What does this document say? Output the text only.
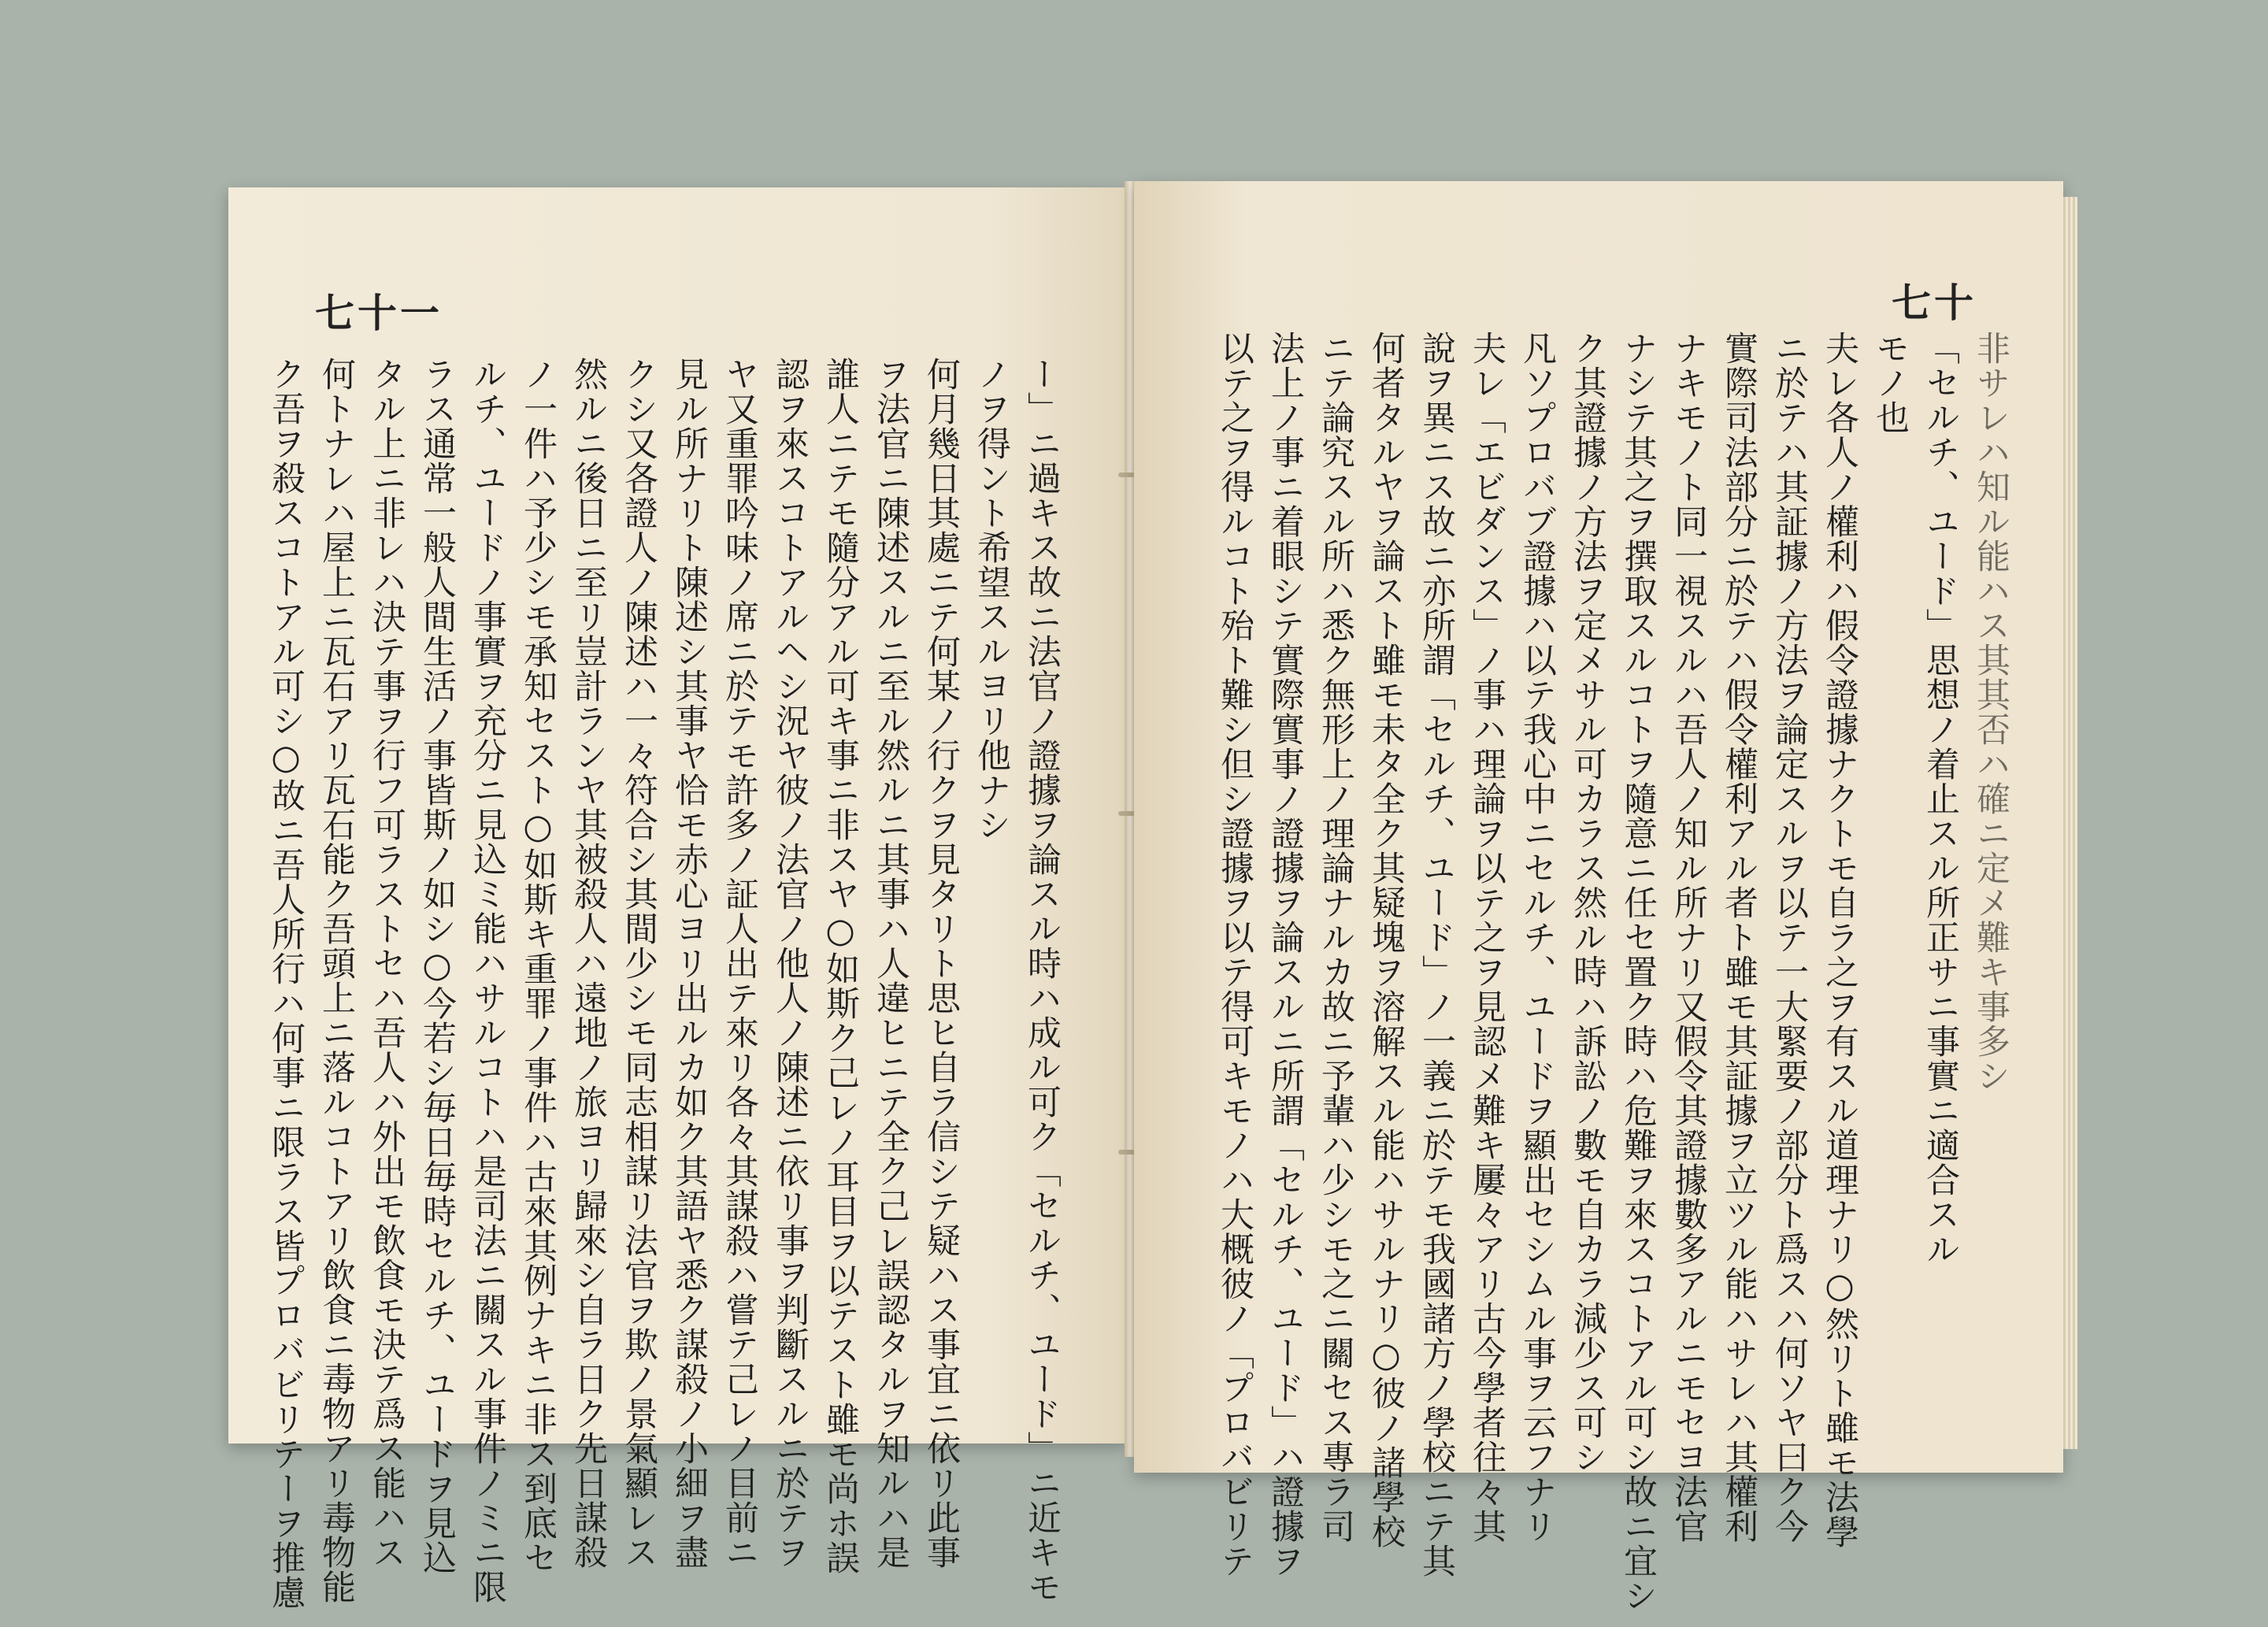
七十一
ー」ニ過キス故ニ法官ノ證據ヲ論スル時ハ成ル可ク「セルチ、ユード」ニ近キモ
ノヲ得ント希望スルヨリ他ナシ
何月幾日其處ニテ何某ノ行クヲ見タリト思ヒ自ラ信シテ疑ハス事宜ニ依リ此事
ヲ法官ニ陳述スルニ至ル然ルニ其事ハ人違ヒニテ全ク己レ誤認タルヲ知ルハ是
誰人ニテモ隨分アル可キ事ニ非スヤ○如斯ク己レノ耳目ヲ以テスト雖モ尚ホ誤
認ヲ來スコトアルヘシ況ヤ彼ノ法官ノ他人ノ陳述ニ依リ事ヲ判斷スルニ於テヲ
ヤ又重罪吟味ノ席ニ於テモ許多ノ証人出テ來リ各々其謀殺ハ嘗テ己レノ目前ニ
見ル所ナリト陳述シ其事ヤ恰モ赤心ヨリ出ルカ如ク其語ヤ悉ク謀殺ノ小細ヲ盡
クシ又各證人ノ陳述ハ一々符合シ其間少シモ同志相謀リ法官ヲ欺ノ景氣顯レス
然ルニ後日ニ至リ豈計ランヤ其被殺人ハ遠地ノ旅ヨリ歸來シ自ラ日ク先日謀殺
ノ一件ハ予少シモ承知セスト○如斯キ重罪ノ事件ハ古來其例ナキニ非ス到底セ
ルチ、ユードノ事實ヲ充分ニ見込ミ能ハサルコトハ是司法ニ關スル事件ノミニ限
ラス通常一般人間生活ノ事皆斯ノ如シ○今若シ毎日毎時セルチ、ユードヲ見込
タル上ニ非レハ決テ事ヲ行フ可ラストセハ吾人ハ外出モ飲食モ決テ爲ス能ハス
何トナレハ屋上ニ瓦石アリ瓦石能ク吾頭上ニ落ルコトアリ飲食ニ毒物アリ毒物能
ク吾ヲ殺スコトアル可シ○故ニ吾人所行ハ何事ニ限ラス皆プロバビリテーヲ推慮
七十
非サレハ知ル能ハス其其否ハ確ニ定メ難キ事多シ
「セルチ、ユード」思想ノ着止スル所正サニ事實ニ適合スル
モノ也
夫レ各人ノ權利ハ假令證據ナクトモ自ラ之ヲ有スル道理ナリ○然リト雖モ法學
ニ於テハ其証據ノ方法ヲ論定スルヲ以テ一大緊要ノ部分ト爲スハ何ソヤ曰ク今
實際司法部分ニ於テハ假令權利アル者ト雖モ其証據ヲ立ツル能ハサレハ其權利
ナキモノト同一視スルハ吾人ノ知ル所ナリ又假令其證據數多アルニモセヨ法官
ナシテ其之ヲ撰取スルコトヲ隨意ニ任セ置ク時ハ危難ヲ來スコトアル可シ故ニ宜シ
ク其證據ノ方法ヲ定メサル可カラス然ル時ハ訴訟ノ數モ自カラ減少ス可シ
凡ソプロバブ證據ハ以テ我心中ニセルチ、ユードヲ顯出セシムル事ヲ云フナリ
夫レ「エビダンス」ノ事ハ理論ヲ以テ之ヲ見認メ難キ屢々アリ古今學者往々其
說ヲ異ニス故ニ亦所謂「セルチ、ユード」ノ一義ニ於テモ我國諸方ノ學校ニテ其
何者タルヤヲ論スト雖モ未タ全ク其疑塊ヲ溶解スル能ハサルナリ○彼ノ諸學校
ニテ論究スル所ハ悉ク無形上ノ理論ナルカ故ニ予輩ハ少シモ之ニ關セス專ラ司
法上ノ事ニ着眼シテ實際實事ノ證據ヲ論スルニ所謂「セルチ、ユード」ハ證據ヲ
以テ之ヲ得ルコト殆ト難シ但シ證據ヲ以テ得可キモノハ大概彼ノ「プロバビリテ
